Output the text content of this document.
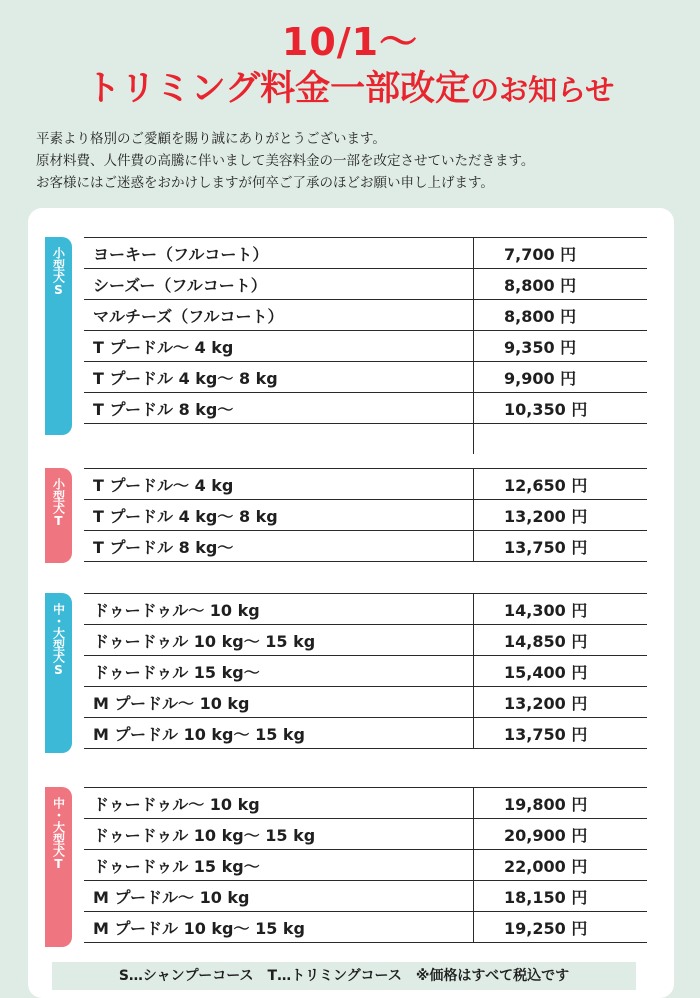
10/1〜
トリミング料金一部改定のお知らせ
平素より格別のご愛顧を賜り誠にありがとうございます。
原材料費、人件費の高騰に伴いまして美容料金の一部を改定させていただきます。
お客様にはご迷惑をおかけしますが何卒ご了承のほどお願い申し上げます。
小型犬S	ヨーキー（フルコート）	7,700 円
シーズー（フルコート）	8,800 円
マルチーズ（フルコート）	8,800 円
T プードル〜 4 kg	9,350 円
T プードル 4 kg〜 8 kg	9,900 円
T プードル 8 kg〜	10,350 円
小型犬T	T プードル〜 4 kg	12,650 円
T プードル 4 kg〜 8 kg	13,200 円
T プードル 8 kg〜	13,750 円
中・大型犬S	ドゥードゥル〜 10 kg	14,300 円
ドゥードゥル 10 kg〜 15 kg	14,850 円
ドゥードゥル 15 kg〜	15,400 円
M プードル〜 10 kg	13,200 円
M プードル 10 kg〜 15 kg	13,750 円
中・大型犬T	ドゥードゥル〜 10 kg	19,800 円
ドゥードゥル 10 kg〜 15 kg	20,900 円
ドゥードゥル 15 kg〜	22,000 円
M プードル〜 10 kg	18,150 円
M プードル 10 kg〜 15 kg	19,250 円
S…シャンプーコース　T…トリミングコース　※価格はすべて税込です
